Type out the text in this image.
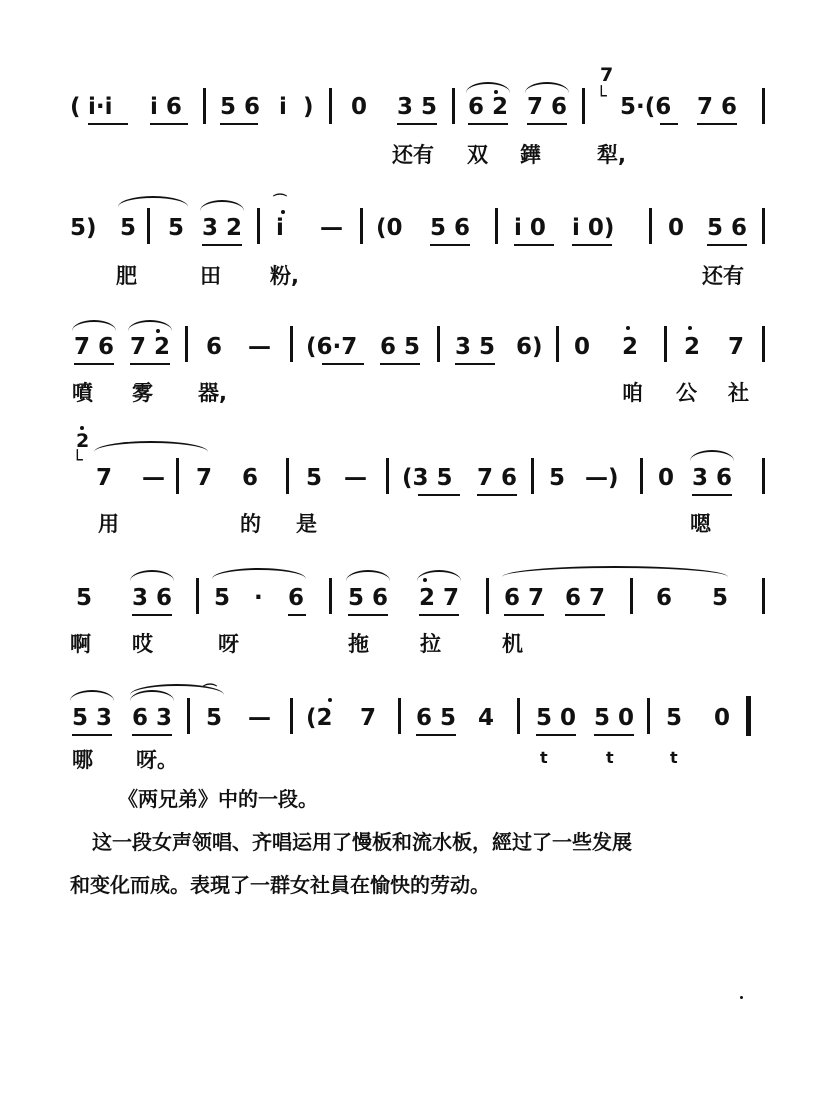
( i·i i 6 5 6 i ) 0 3 5 6 2 7 6
7
└ 5·(6 7 6
还有 双 鏵	犁,
5) 5 5 3 2 i
⌒
— (0 5 6 i 0 i 0) 0 5 6
肥	田 粉,	还有
7 6 7 2 6 — (6·7 6 5 3 5 6) 0 2 2 7
噴 雾 器,	咱 公 社
2
└
7 — 7 6 5 — (3 5 7 6 5 —) 0 3 6
用	的 是	嗯
5 3 6 5 · 6 5 6 2 7 6 7 6 7 6 5
啊 哎	呀	拖 拉	机
5 3 6 3
⌒
5 — (2 7 6 5 4 5 0 5 0 5 0
哪 呀。	t	t	t
《两兄弟》中的一段。
这一段女声领唱、齐唱运用了慢板和流水板，經过了一些发展
和变化而成。表現了一群女社員在愉快的劳动。
